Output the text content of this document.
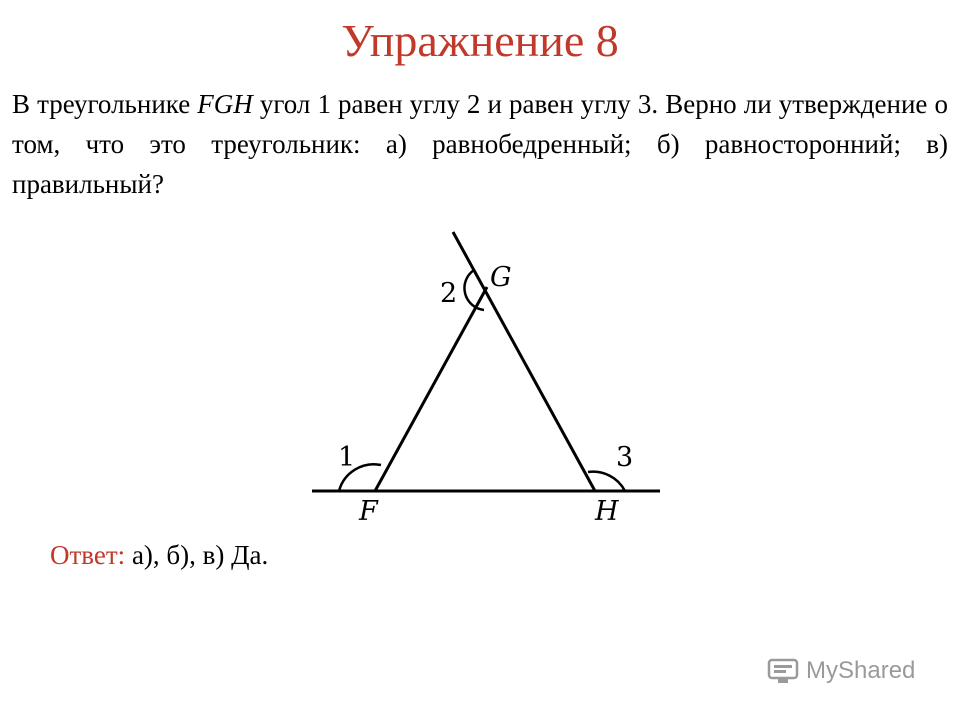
Упражнение 8
В треугольнике FGH угол 1 равен углу 2 и равен углу 3. Верно ли утверждение о том, что это треугольник: а) равнобедренный; б) равносторонний; в) правильный?
1
2
3
G
F	H
Ответ: а), б), в) Да.
MyShared
